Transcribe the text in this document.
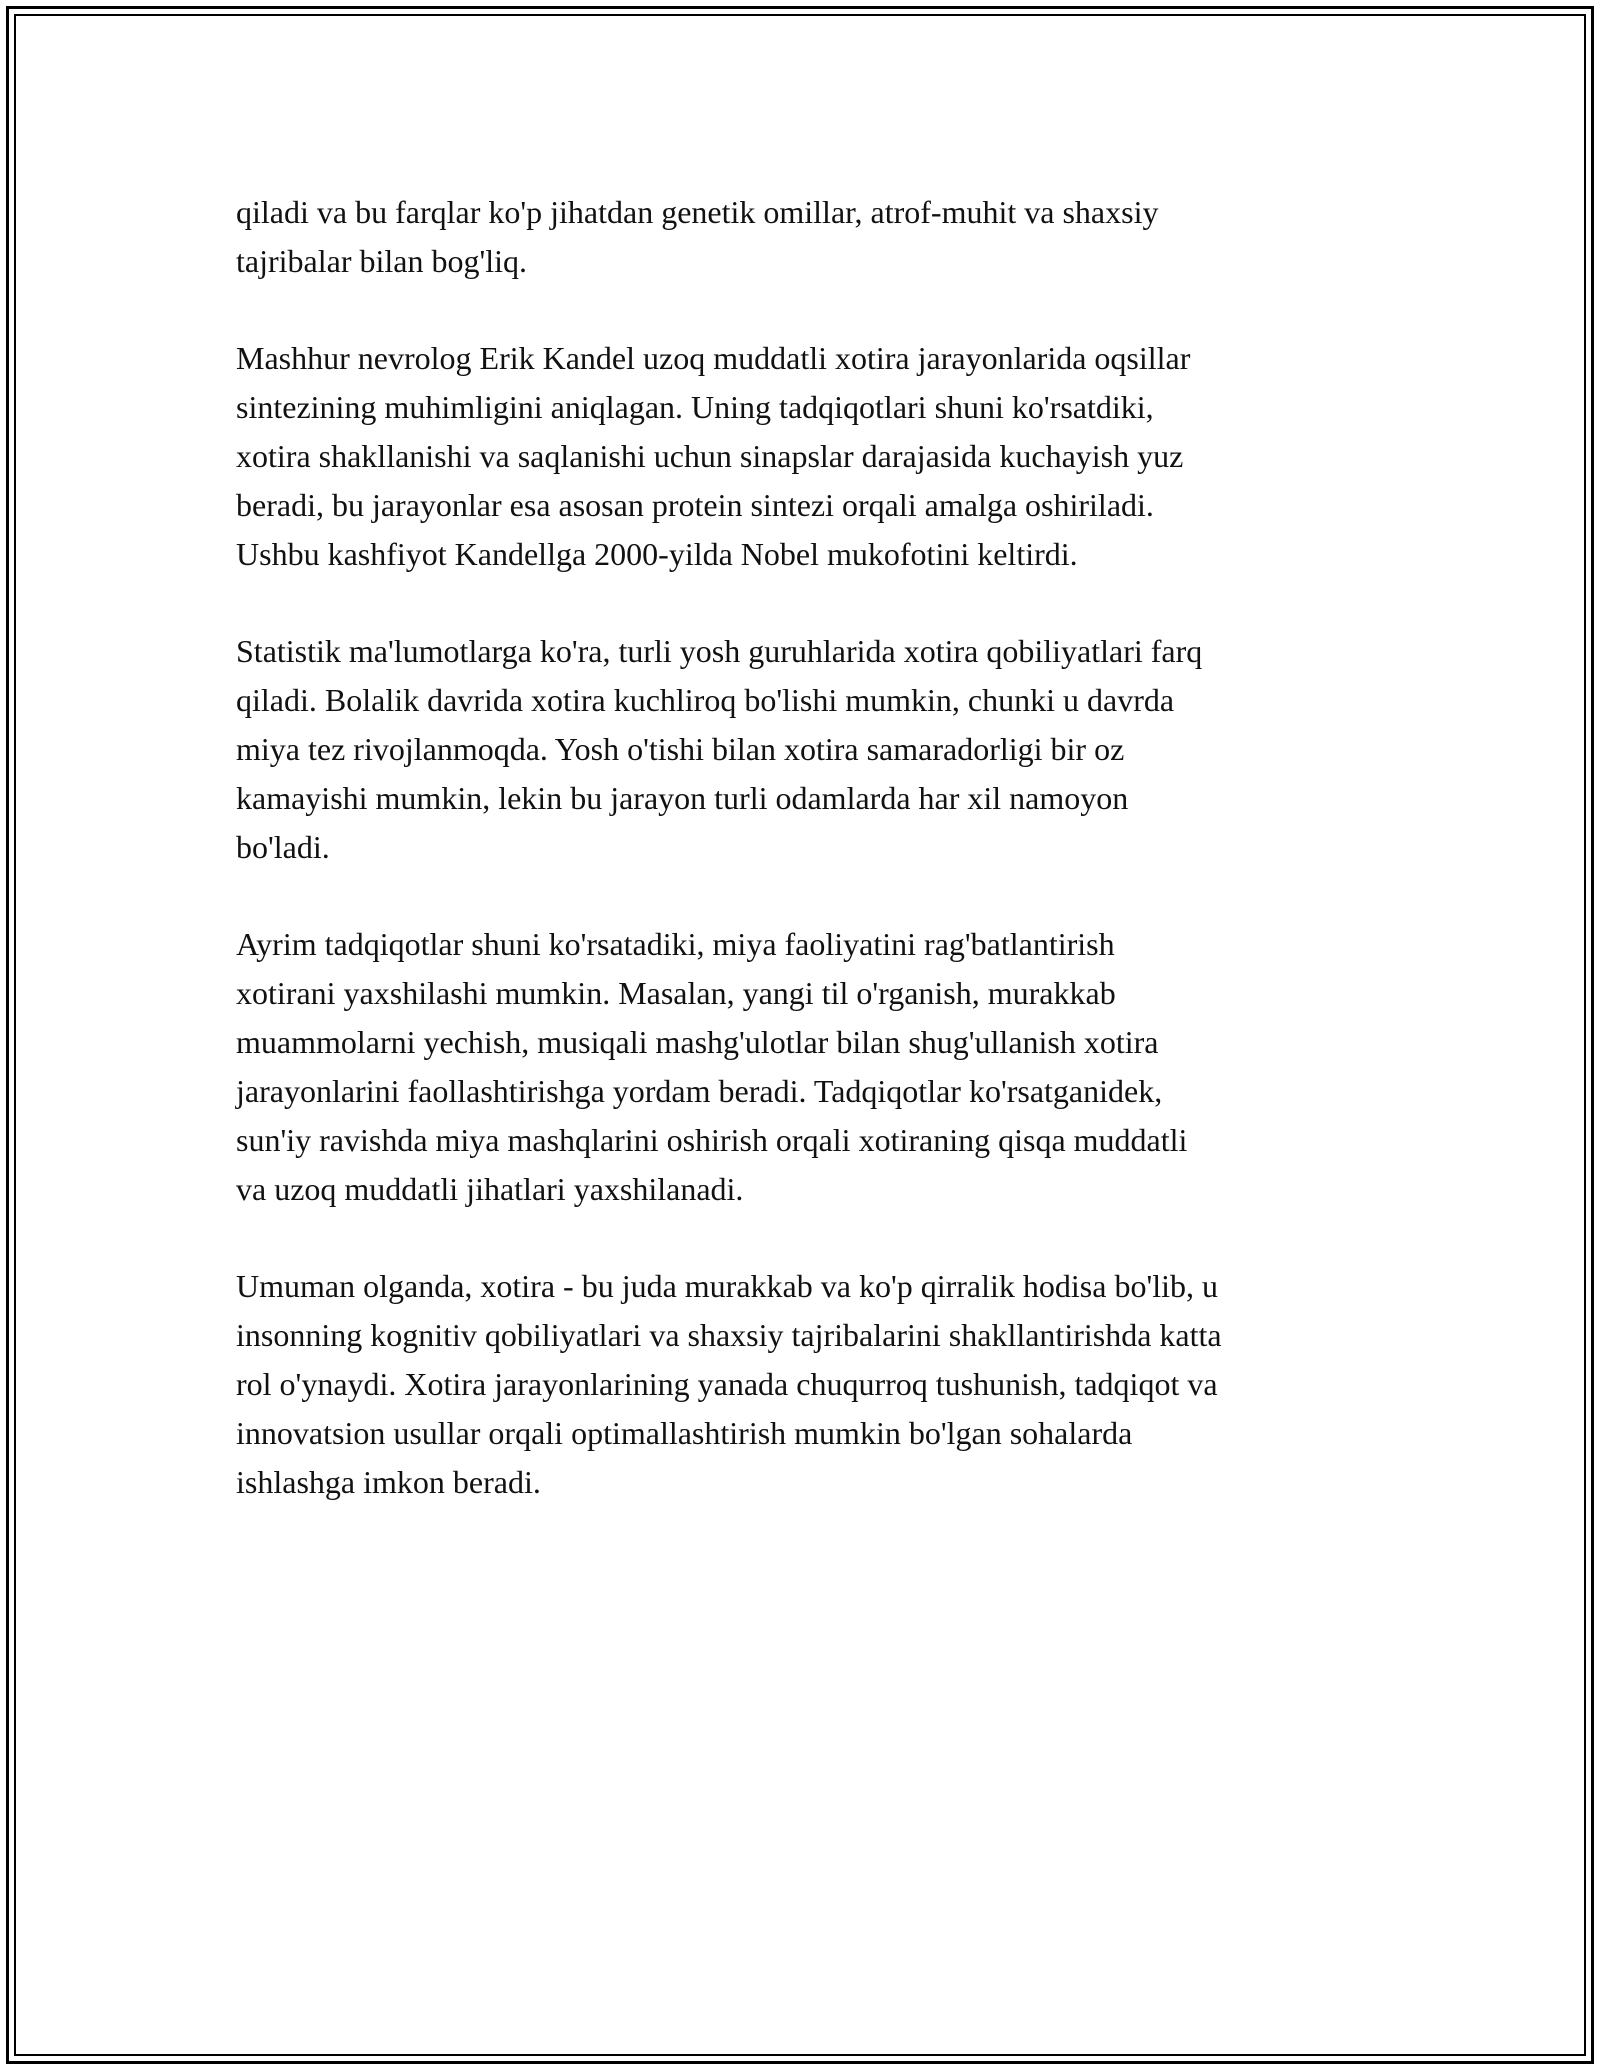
qiladi va bu farqlar ko'p jihatdan genetik omillar, atrof-muhit va shaxsiy
tajribalar bilan bog'liq.

Mashhur nevrolog Erik Kandel uzoq muddatli xotira jarayonlarida oqsillar
sintezining muhimligini aniqlagan. Uning tadqiqotlari shuni ko'rsatdiki,
xotira shakllanishi va saqlanishi uchun sinapslar darajasida kuchayish yuz
beradi, bu jarayonlar esa asosan protein sintezi orqali amalga oshiriladi.
Ushbu kashfiyot Kandellga 2000-yilda Nobel mukofotini keltirdi.

Statistik ma'lumotlarga ko'ra, turli yosh guruhlarida xotira qobiliyatlari farq
qiladi. Bolalik davrida xotira kuchliroq bo'lishi mumkin, chunki u davrda
miya tez rivojlanmoqda. Yosh o'tishi bilan xotira samaradorligi bir oz
kamayishi mumkin, lekin bu jarayon turli odamlarda har xil namoyon
bo'ladi.

Ayrim tadqiqotlar shuni ko'rsatadiki, miya faoliyatini rag'batlantirish
xotirani yaxshilashi mumkin. Masalan, yangi til o'rganish, murakkab
muammolarni yechish, musiqali mashg'ulotlar bilan shug'ullanish xotira
jarayonlarini faollashtirishga yordam beradi. Tadqiqotlar ko'rsatganidek,
sun'iy ravishda miya mashqlarini oshirish orqali xotiraning qisqa muddatli
va uzoq muddatli jihatlari yaxshilanadi.

Umuman olganda, xotira - bu juda murakkab va ko'p qirralik hodisa bo'lib, u
insonning kognitiv qobiliyatlari va shaxsiy tajribalarini shakllantirishda katta
rol o'ynaydi. Xotira jarayonlarining yanada chuqurroq tushunish, tadqiqot va
innovatsion usullar orqali optimallashtirish mumkin bo'lgan sohalarda
ishlashga imkon beradi.
